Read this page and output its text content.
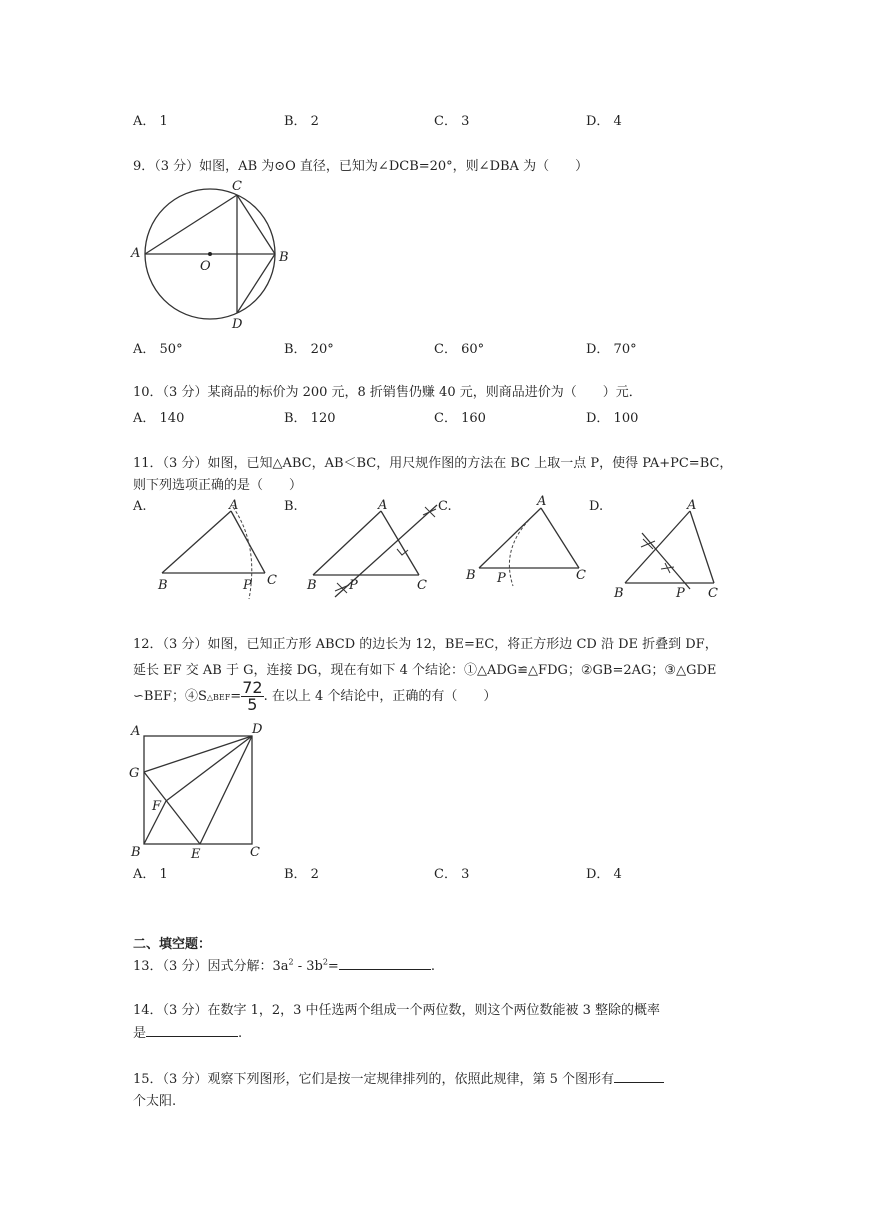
A． 1	B． 2	C． 3	D． 4
9．（3 分）如图，AB 为⊙O 直径，已知为∠DCB=20°，则∠DBA 为（　　）
A	B
C
D
O
A． 50°	B． 20°	C． 60°	D． 70°
10．（3 分）某商品的标价为 200 元，8 折销售仍赚 40 元，则商品进价为（　　）元．
A． 140	B． 120	C． 160	D． 100
11．（3 分）如图，已知△ABC，AB＜BC，用尺规作图的方法在 BC 上取一点 P，使得 PA+PC=BC，
则下列选项正确的是（　　）
A.	B.	C.	D.
A
B	C
P
A
B	C
P
A
B	C
P
A
B	C
P
12．（3 分）如图，已知正方形 ABCD 的边长为 12，BE=EC，将正方形边 CD 沿 DE 折叠到 DF，
延长 EF 交 AB 于 G，连接 DG，现在有如下 4 个结论：①△ADG≌△FDG；②GB=2AG；③△GDE
∽BEF；④S△BEF= $\frac{72}{5}$ . 在以上 4 个结论中，正确的有（　　）
A	D
G
F
B	E	C
A． 1	B． 2	C． 3	D． 4
二、填空题：
13．（3 分）因式分解：$3a^2 - 3b^2=$	.
14．（3 分）在数字 1，2，3 中任选两个组成一个两位数，则这个两位数能被 3 整除的概率
是	.
15．（3 分）观察下列图形，它们是按一定规律排列的，依照此规律，第 5 个图形有
个太阳.
